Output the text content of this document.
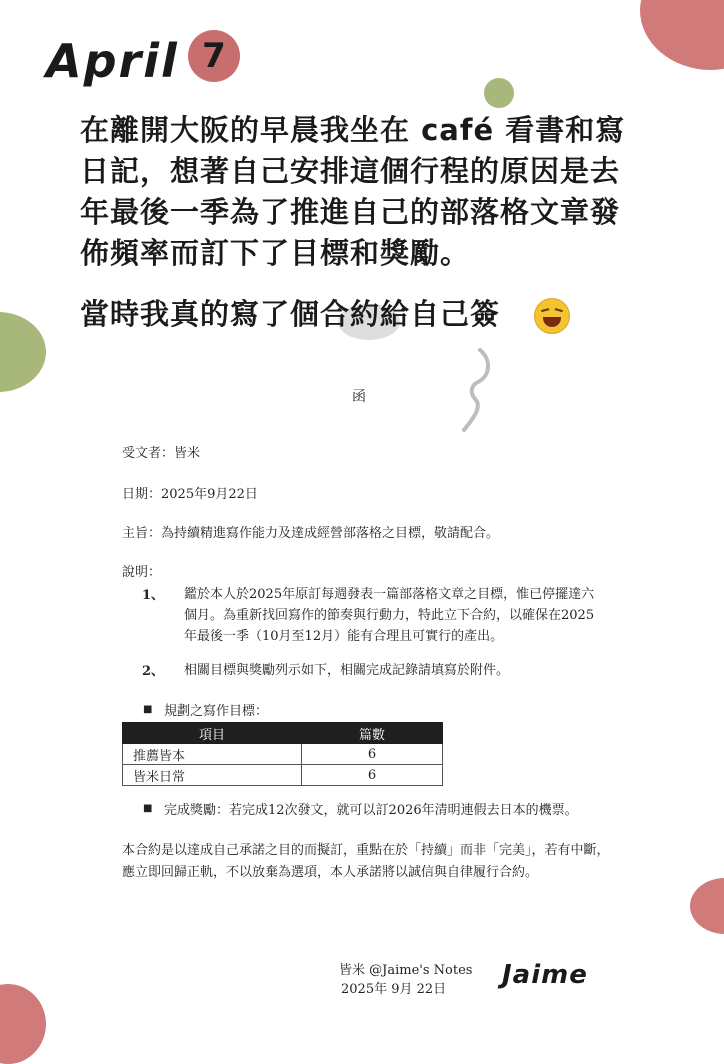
April 7
在離開大阪的早晨我坐在 café 看書和寫日記，想著自己安排這個行程的原因是去年最後一季為了推進自己的部落格文章發佈頻率而訂下了目標和獎勵。
當時我真的寫了個合約給自己簽
函
受文者：皆米
日期：2025年9月22日
主旨：為持續精進寫作能力及達成經營部落格之目標，敬請配合。
說明：
1、 鑑於本人於2025年原訂每週發表一篇部落格文章之目標，惟已停擺達六個月。為重新找回寫作的節奏與行動力，特此立下合約，以確保在2025年最後一季（10月至12月）能有合理且可實行的產出。
2、 相關目標與獎勵列示如下，相關完成記錄請填寫於附件。
■ 規劃之寫作目標：
項目	篇數
推薦皆本	6
皆米日常	6
■ 完成獎勵：若完成12次發文，就可以訂2026年清明連假去日本的機票。
本合約是以達成自己承諾之目的而擬訂，重點在於「持續」而非「完美」，若有中斷，應立即回歸正軌，不以放棄為選項，本人承諾將以誠信與自律履行合約。
皆米 @Jaime's Notes
2025年 9月 22日 Jaime
